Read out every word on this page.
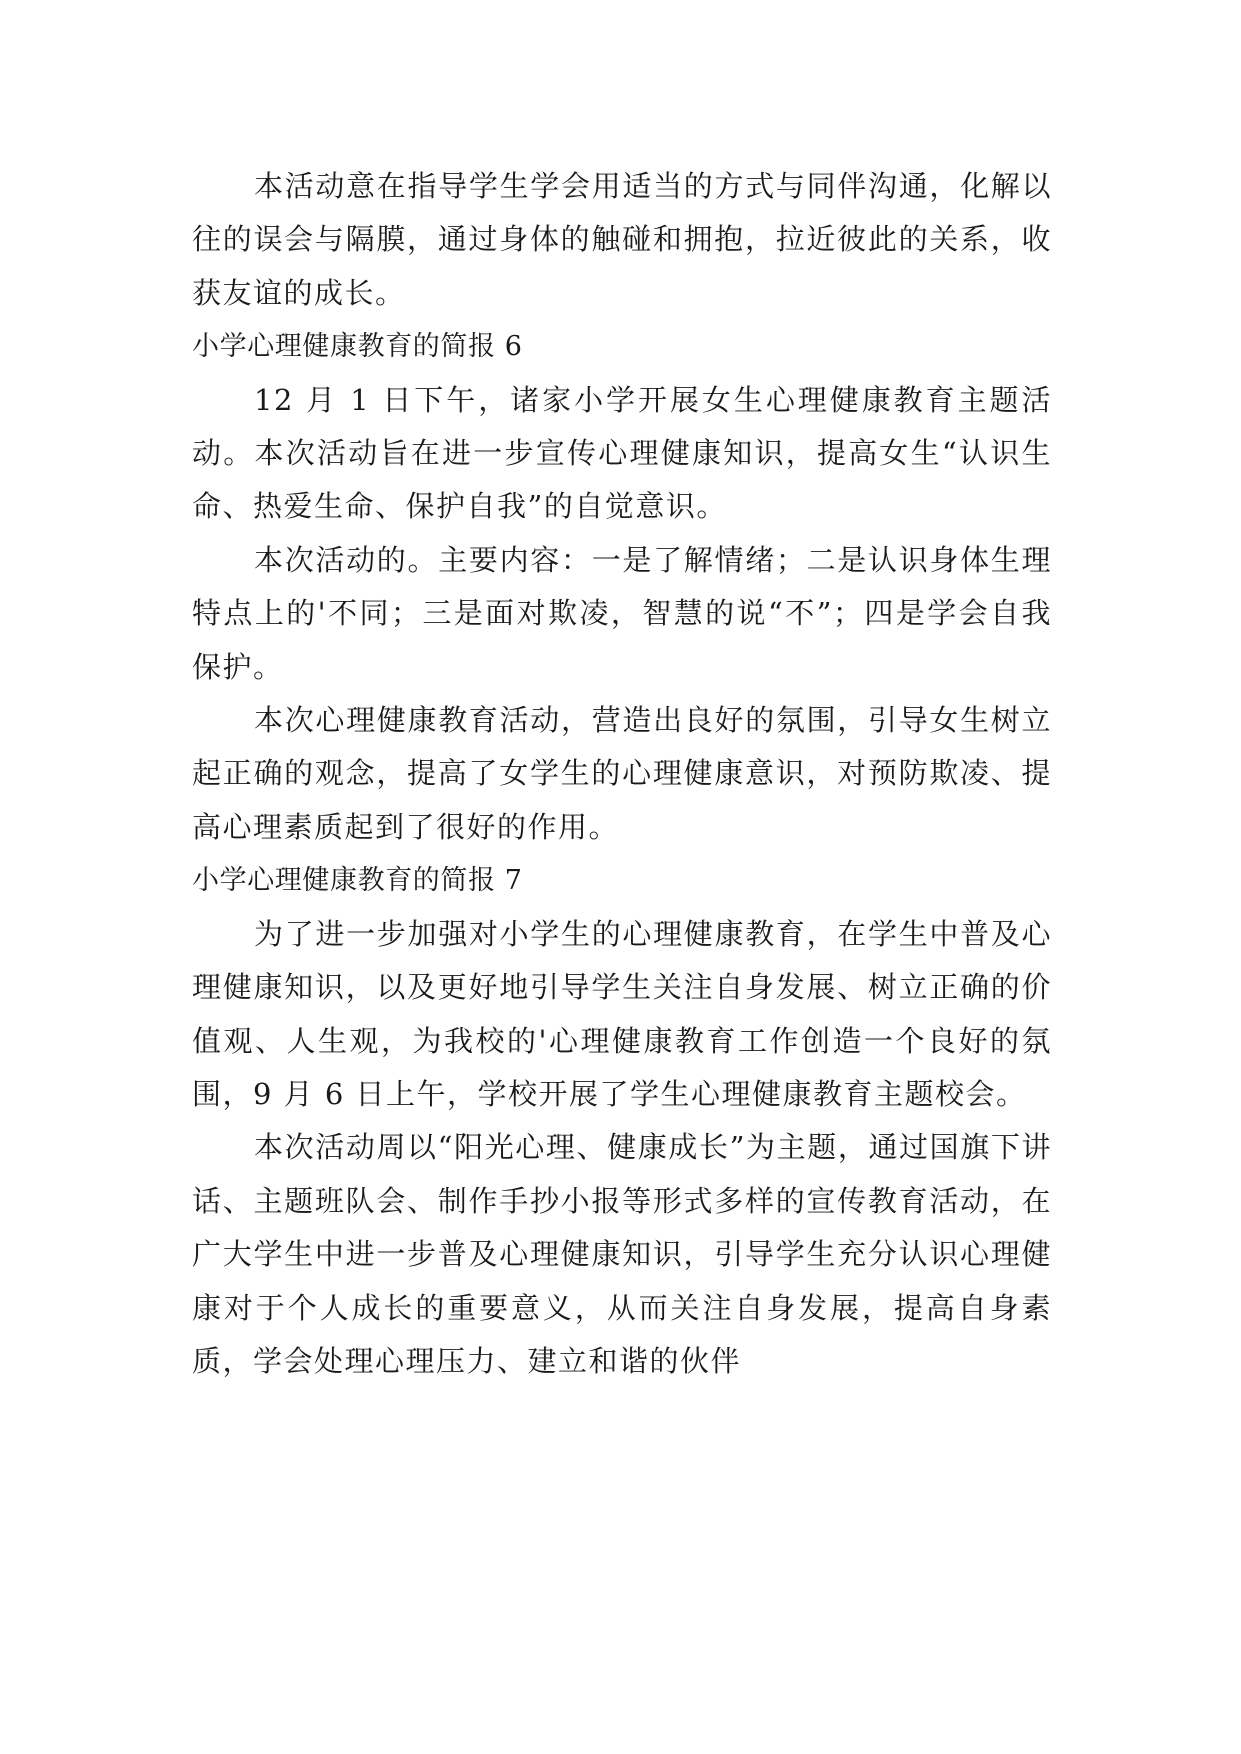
本活动意在指导学生学会用适当的方式与同伴沟通，化解以往的误会与隔膜，通过身体的触碰和拥抱，拉近彼此的关系，收获友谊的成长。

小学心理健康教育的简报 6

12 月 1 日下午，诸家小学开展女生心理健康教育主题活动。本次活动旨在进一步宣传心理健康知识，提高女生“认识生命、热爱生命、保护自我”的自觉意识。

本次活动的。主要内容：一是了解情绪；二是认识身体生理特点上的'不同；三是面对欺凌，智慧的说“不”；四是学会自我保护。

本次心理健康教育活动，营造出良好的氛围，引导女生树立起正确的观念，提高了女学生的心理健康意识，对预防欺凌、提高心理素质起到了很好的作用。

小学心理健康教育的简报 7

为了进一步加强对小学生的心理健康教育，在学生中普及心理健康知识，以及更好地引导学生关注自身发展、树立正确的价值观、人生观，为我校的'心理健康教育工作创造一个良好的氛围，9 月 6 日上午，学校开展了学生心理健康教育主题校会。

本次活动周以“阳光心理、健康成长”为主题，通过国旗下讲话、主题班队会、制作手抄小报等形式多样的宣传教育活动，在广大学生中进一步普及心理健康知识，引导学生充分认识心理健康对于个人成长的重要意义，从而关注自身发展，提高自身素质，学会处理心理压力、建立和谐的伙伴
